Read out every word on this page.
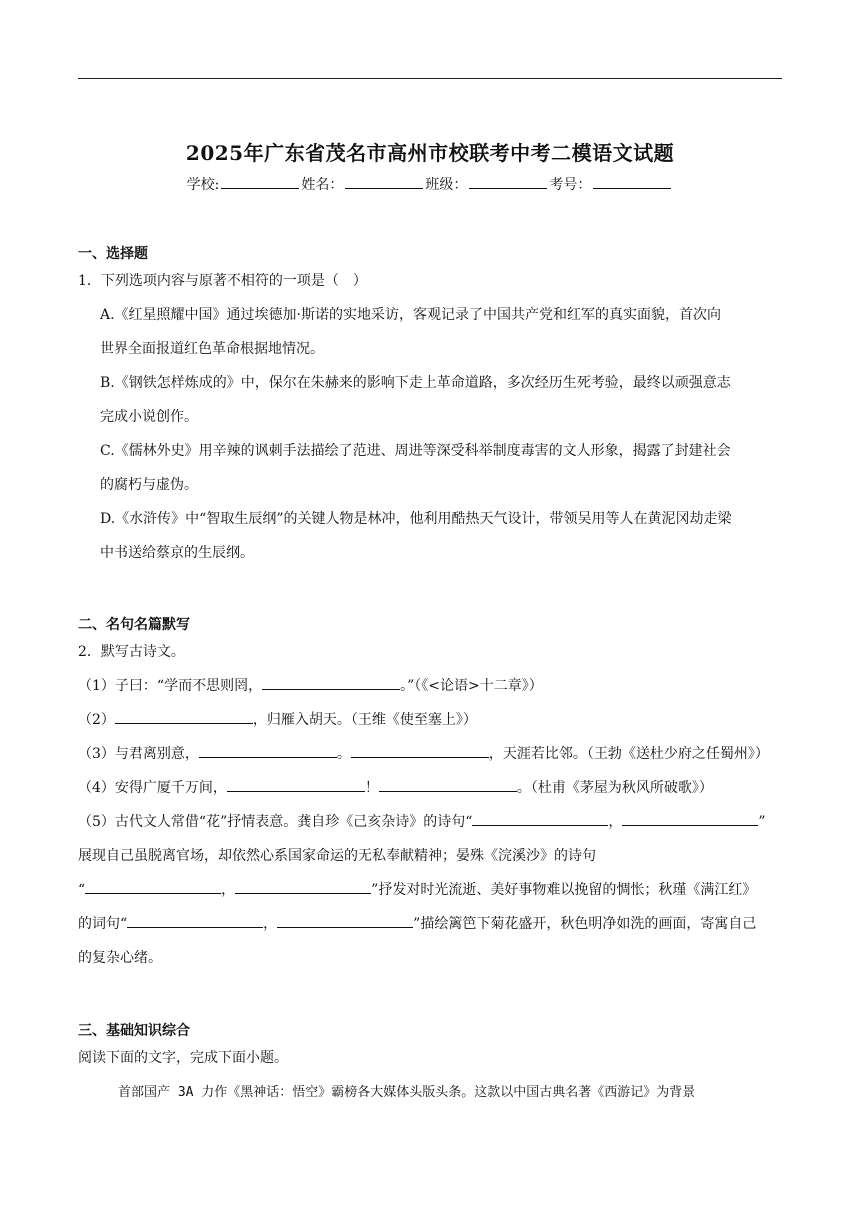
2025年广东省茂名市高州市校联考中考二模语文试题
学校:	姓名：	班级：	考号：
一、选择题
1．下列选项内容与原著不相符的一项是（　）
A.《红星照耀中国》通过埃德加·斯诺的实地采访，客观记录了中国共产党和红军的真实面貌，首次向
世界全面报道红色革命根据地情况。
B.《钢铁怎样炼成的》中，保尔在朱赫来的影响下走上革命道路，多次经历生死考验，最终以顽强意志
完成小说创作。
C.《儒林外史》用辛辣的讽刺手法描绘了范进、周进等深受科举制度毒害的文人形象，揭露了封建社会
的腐朽与虚伪。
D.《水浒传》中“智取生辰纲”的关键人物是林冲，他利用酷热天气设计，带领吴用等人在黄泥冈劫走梁
中书送给蔡京的生辰纲。
二、名句名篇默写
2．默写古诗文。
（1）子曰：“学而不思则罔，	。”（《<论语>十二章》）
（2）	，归雁入胡天。（王维《使至塞上》）
（3）与君离别意，	。	，天涯若比邻。（王勃《送杜少府之任蜀州》）
（4）安得广厦千万间，	！	。（杜甫《茅屋为秋风所破歌》）
（5）古代文人常借“花”抒情表意。龚自珍《己亥杂诗》的诗句“	，	”
展现自己虽脱离官场，却依然心系国家命运的无私奉献精神；晏殊《浣溪沙》的诗句
“	，	”抒发对时光流逝、美好事物难以挽留的惆怅；秋瑾《满江红》
的词句“	，	”描绘篱笆下菊花盛开，秋色明净如洗的画面，寄寓自己
的复杂心绪。
三、基础知识综合
阅读下面的文字，完成下面小题。
首部国产 3A 力作《黑神话：悟空》霸榜各大媒体头版头条。这款以中国古典名著《西游记》为背景
